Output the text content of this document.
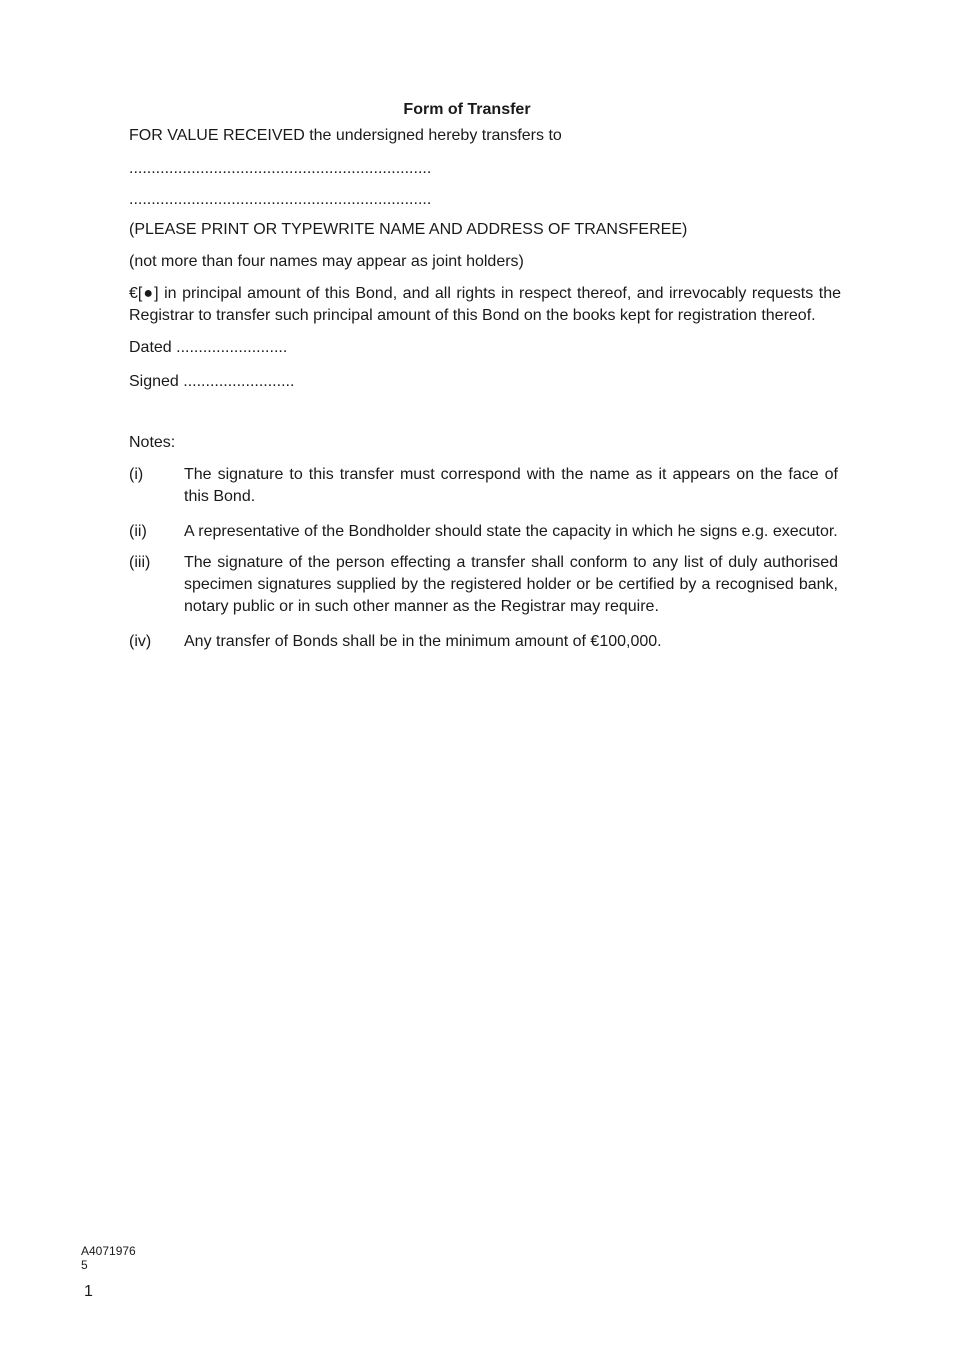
Form of Transfer
FOR VALUE RECEIVED the undersigned hereby transfers to
....................................................................
....................................................................
(PLEASE PRINT OR TYPEWRITE NAME AND ADDRESS OF TRANSFEREE)
(not more than four names may appear as joint holders)
€[●] in principal amount of this Bond, and all rights in respect thereof, and irrevocably requests the Registrar to transfer such principal amount of this Bond on the books kept for registration thereof.
Dated .........................
Signed .........................
Notes:
(i)	The signature to this transfer must correspond with the name as it appears on the face of this Bond.
(ii) A representative of the Bondholder should state the capacity in which he signs e.g. executor.
(iii) The signature of the person effecting a transfer shall conform to any list of duly authorised specimen signatures supplied by the registered holder or be certified by a recognised bank, notary public or in such other manner as the Registrar may require.
(iv) Any transfer of Bonds shall be in the minimum amount of €100,000.
A4071976
5
1
